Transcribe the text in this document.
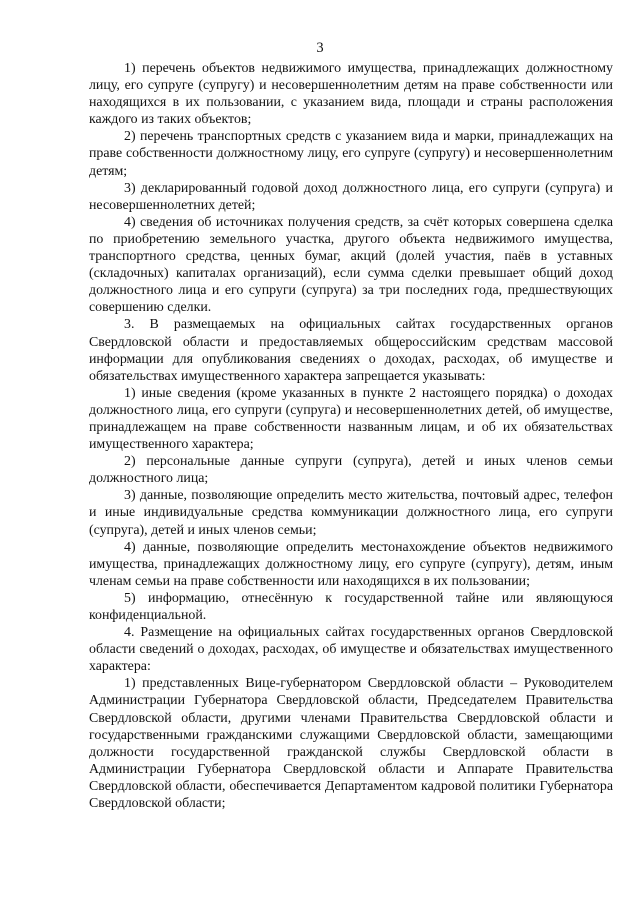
3

1) перечень объектов недвижимого имущества, принадлежащих должностному лицу, его супруге (супругу) и несовершеннолетним детям на праве собственности или находящихся в их пользовании, с указанием вида, площади и страны расположения каждого из таких объектов;

2) перечень транспортных средств с указанием вида и марки, принадлежащих на праве собственности должностному лицу, его супруге (супругу) и несовершеннолетним детям;

3) декларированный годовой доход должностного лица, его супруги (супруга) и несовершеннолетних детей;

4) сведения об источниках получения средств, за счёт которых совершена сделка по приобретению земельного участка, другого объекта недвижимого имущества, транспортного средства, ценных бумаг, акций (долей участия, паёв в уставных (складочных) капиталах организаций), если сумма сделки превышает общий доход должностного лица и его супруги (супруга) за три последних года, предшествующих совершению сделки.

3. В размещаемых на официальных сайтах государственных органов Свердловской области и предоставляемых общероссийским средствам массовой информации для опубликования сведениях о доходах, расходах, об имуществе и обязательствах имущественного характера запрещается указывать:

1) иные сведения (кроме указанных в пункте 2 настоящего порядка) о доходах должностного лица, его супруги (супруга) и несовершеннолетних детей, об имуществе, принадлежащем на праве собственности названным лицам, и об их обязательствах имущественного характера;

2) персональные данные супруги (супруга), детей и иных членов семьи должностного лица;

3) данные, позволяющие определить место жительства, почтовый адрес, телефон и иные индивидуальные средства коммуникации должностного лица, его супруги (супруга), детей и иных членов семьи;

4) данные, позволяющие определить местонахождение объектов недвижимого имущества, принадлежащих должностному лицу, его супруге (супругу), детям, иным членам семьи на праве собственности или находящихся в их пользовании;

5) информацию, отнесённую к государственной тайне или являющуюся конфиденциальной.

4. Размещение на официальных сайтах государственных органов Свердловской области сведений о доходах, расходах, об имуществе и обязательствах имущественного характера:

1) представленных Вице-губернатором Свердловской области – Руководителем Администрации Губернатора Свердловской области, Председателем Правительства Свердловской области, другими членами Правительства Свердловской области и государственными гражданскими служащими Свердловской области, замещающими должности государственной гражданской службы Свердловской области в Администрации Губернатора Свердловской области и Аппарате Правительства Свердловской области, обеспечивается Департаментом кадровой политики Губернатора Свердловской области;
